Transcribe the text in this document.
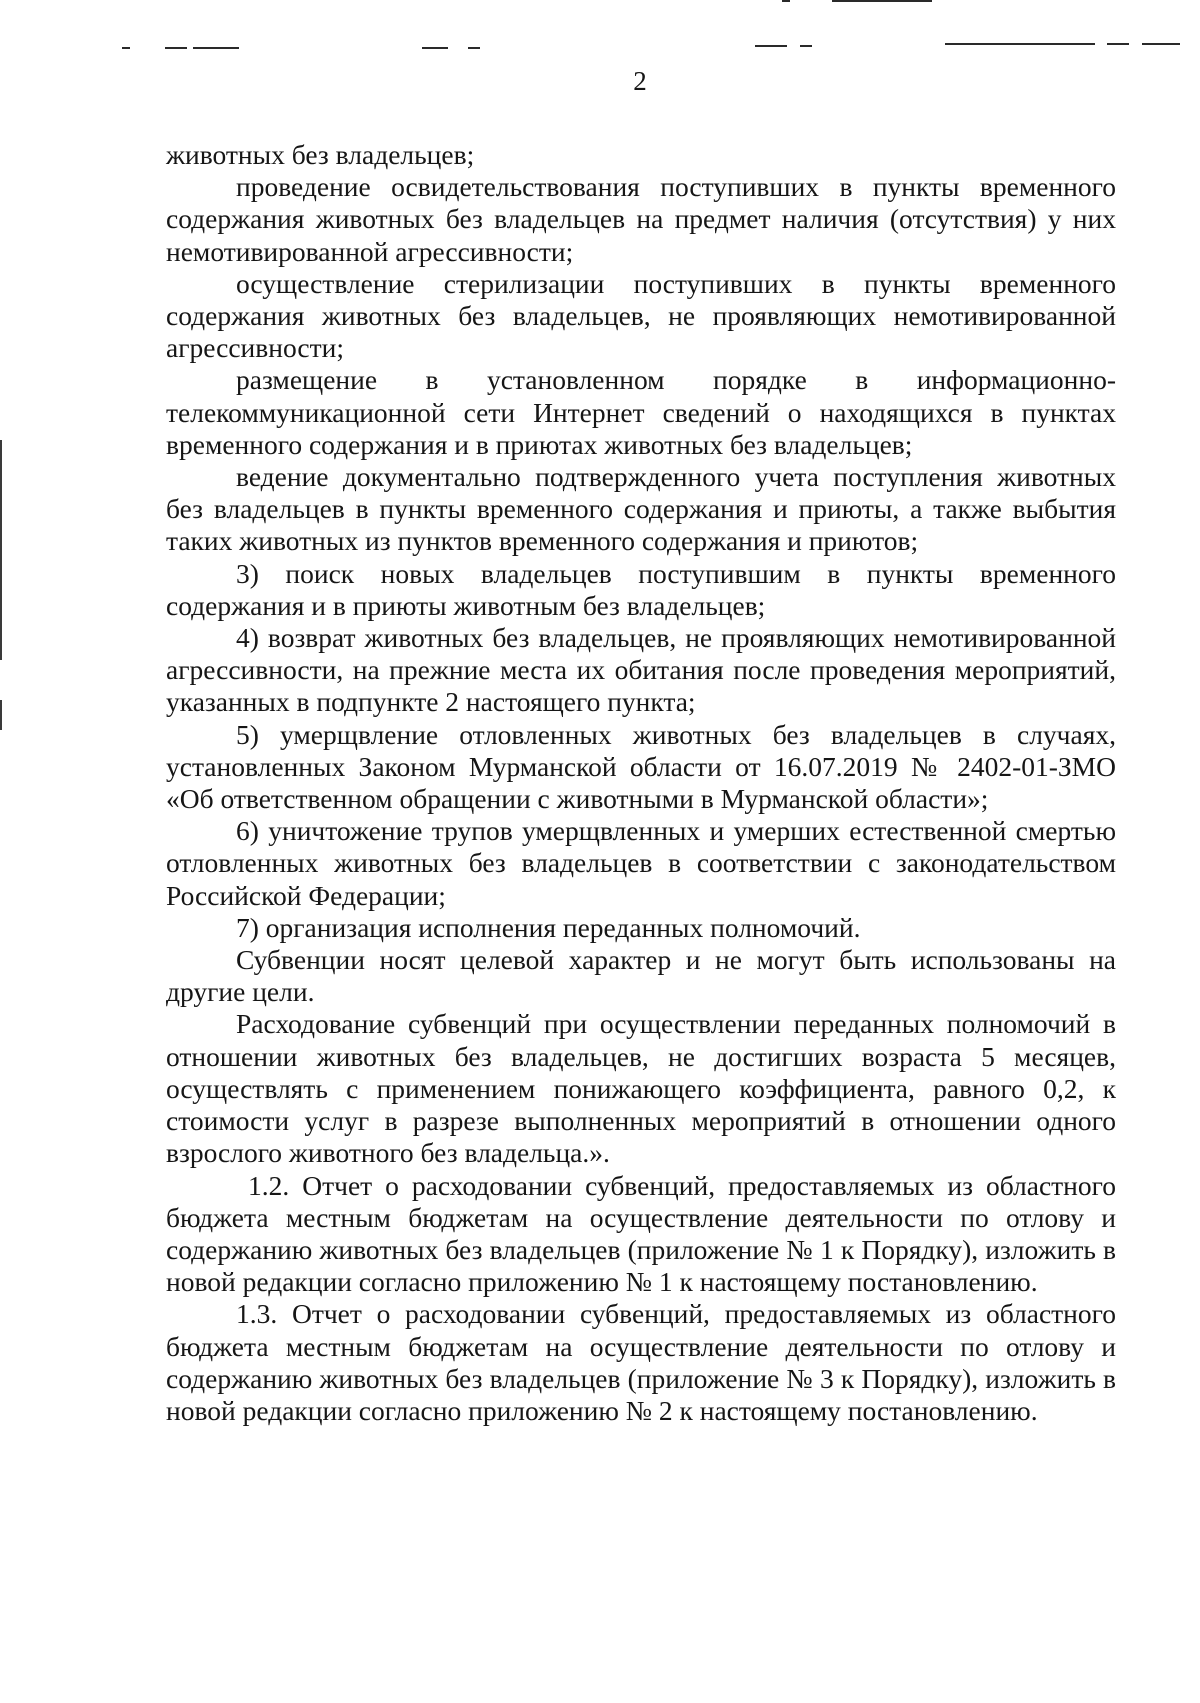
2

животных без владельцев;

проведение освидетельствования поступивших в пункты временного содержания животных без владельцев на предмет наличия (отсутствия) у них немотивированной агрессивности;

осуществление стерилизации поступивших в пункты временного содержания животных без владельцев, не проявляющих немотивированной агрессивности;

размещение в установленном порядке в информационно-телекоммуникационной сети Интернет сведений о находящихся в пунктах временного содержания и в приютах животных без владельцев;

ведение документально подтвержденного учета поступления животных без владельцев в пункты временного содержания и приюты, а также выбытия таких животных из пунктов временного содержания и приютов;

3) поиск новых владельцев поступившим в пункты временного содержания и в приюты животным без владельцев;

4) возврат животных без владельцев, не проявляющих немотивированной агрессивности, на прежние места их обитания после проведения мероприятий, указанных в подпункте 2 настоящего пункта;

5) умерщвление отловленных животных без владельцев в случаях, установленных Законом Мурманской области от 16.07.2019 № 2402-01-ЗМО «Об ответственном обращении с животными в Мурманской области»;

6) уничтожение трупов умерщвленных и умерших естественной смертью отловленных животных без владельцев в соответствии с законодательством Российской Федерации;

7) организация исполнения переданных полномочий.

Субвенции носят целевой характер и не могут быть использованы на другие цели.

Расходование субвенций при осуществлении переданных полномочий в отношении животных без владельцев, не достигших возраста 5 месяцев, осуществлять с применением понижающего коэффициента, равного 0,2, к стоимости услуг в разрезе выполненных мероприятий в отношении одного взрослого животного без владельца.».

1.2. Отчет о расходовании субвенций, предоставляемых из областного бюджета местным бюджетам на осуществление деятельности по отлову и содержанию животных без владельцев (приложение № 1 к Порядку), изложить в новой редакции согласно приложению № 1 к настоящему постановлению.

1.3. Отчет о расходовании субвенций, предоставляемых из областного бюджета местным бюджетам на осуществление деятельности по отлову и содержанию животных без владельцев (приложение № 3 к Порядку), изложить в новой редакции согласно приложению № 2 к настоящему постановлению.
